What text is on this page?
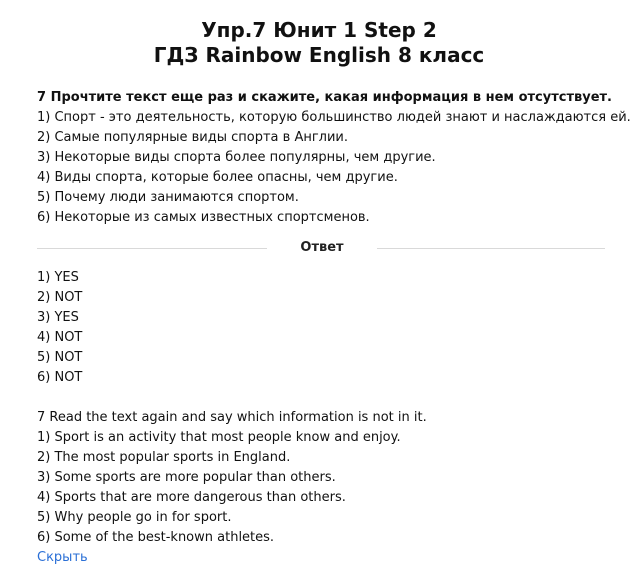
Упр.7 Юнит 1 Step 2
ГДЗ Rainbow English 8 класс
7 Прочтите текст еще раз и скажите, какая информация в нем отсутствует.
1) Спорт - это деятельность, которую большинство людей знают и наслаждаются ей.
2) Самые популярные виды спорта в Англии.
3) Некоторые виды спорта более популярны, чем другие.
4) Виды спорта, которые более опасны, чем другие.
5) Почему люди занимаются спортом.
6) Некоторые из самых известных спортсменов.
Ответ
1) YES
2) NOT
3) YES
4) NOT
5) NOT
6) NOT
7 Read the text again and say which information is not in it.
1) Sport is an activity that most people know and enjoy.
2) The most popular sports in England.
3) Some sports are more popular than others.
4) Sports that are more dangerous than others.
5) Why people go in for sport.
6) Some of the best-known athletes.
Скрыть
